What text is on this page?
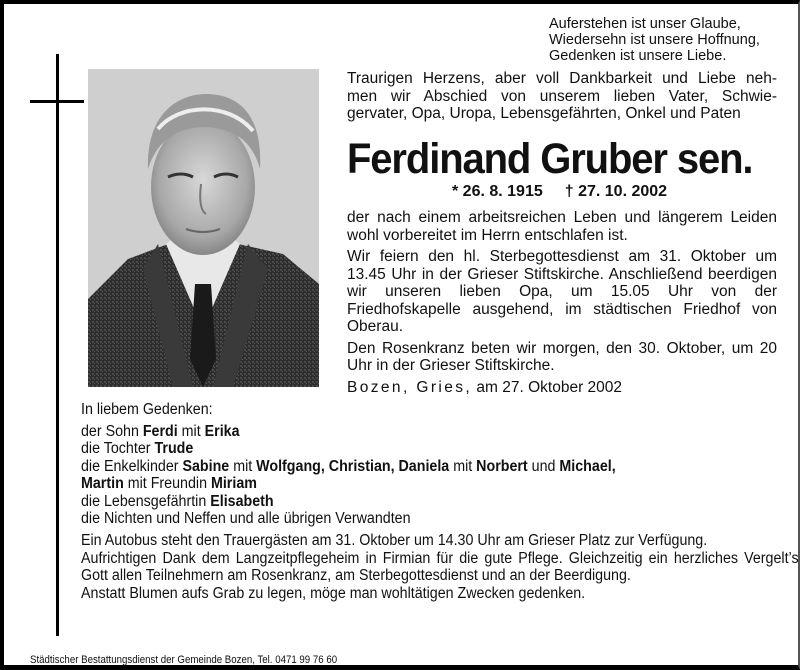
Auferstehen ist unser Glaube,
Wiedersehn ist unsere Hoffnung,
Gedenken ist unsere Liebe.
Traurigen Herzens, aber voll Dankbarkeit und Liebe neh-
men wir Abschied von unserem lieben Vater, Schwie-
gervater, Opa, Uropa, Lebensgefährten, Onkel und Paten
Ferdinand Gruber sen.
* 26. 8. 1915 † 27. 10. 2002

der nach einem arbeitsreichen Leben und längerem Leiden wohl vorbereitet im Herrn entschlafen ist.

Wir feiern den hl. Sterbegottesdienst am 31. Oktober um 13.45 Uhr in der Grieser Stiftskirche. Anschließend beerdigen wir unseren lieben Opa, um 15.05 Uhr von der Friedhofskapelle ausgehend, im städtischen Friedhof von Oberau.

Den Rosenkranz beten wir morgen, den 30. Oktober, um 20 Uhr in der Grieser Stiftskirche.

Bozen, Gries, am 27. Oktober 2002
In liebem Gedenken:
der Sohn Ferdi mit Erika
die Tochter Trude
die Enkelkinder Sabine mit Wolfgang, Christian, Daniela mit Norbert und Michael,
Martin mit Freundin Miriam
die Lebensgefährtin Elisabeth
die Nichten und Neffen und alle übrigen Verwandten

Ein Autobus steht den Trauergästen am 31. Oktober um 14.30 Uhr am Grieser Platz zur Verfügung.

Aufrichtigen Dank dem Langzeitpflegeheim in Firmian für die gute Pflege. Gleichzeitig ein herzliches Vergelt’s Gott allen Teilnehmern am Rosenkranz, am Sterbegottesdienst und an der Beerdigung.

Anstatt Blumen aufs Grab zu legen, möge man wohltätigen Zwecken gedenken.

Städtischer Bestattungsdienst der Gemeinde Bozen, Tel. 0471 99 76 60
